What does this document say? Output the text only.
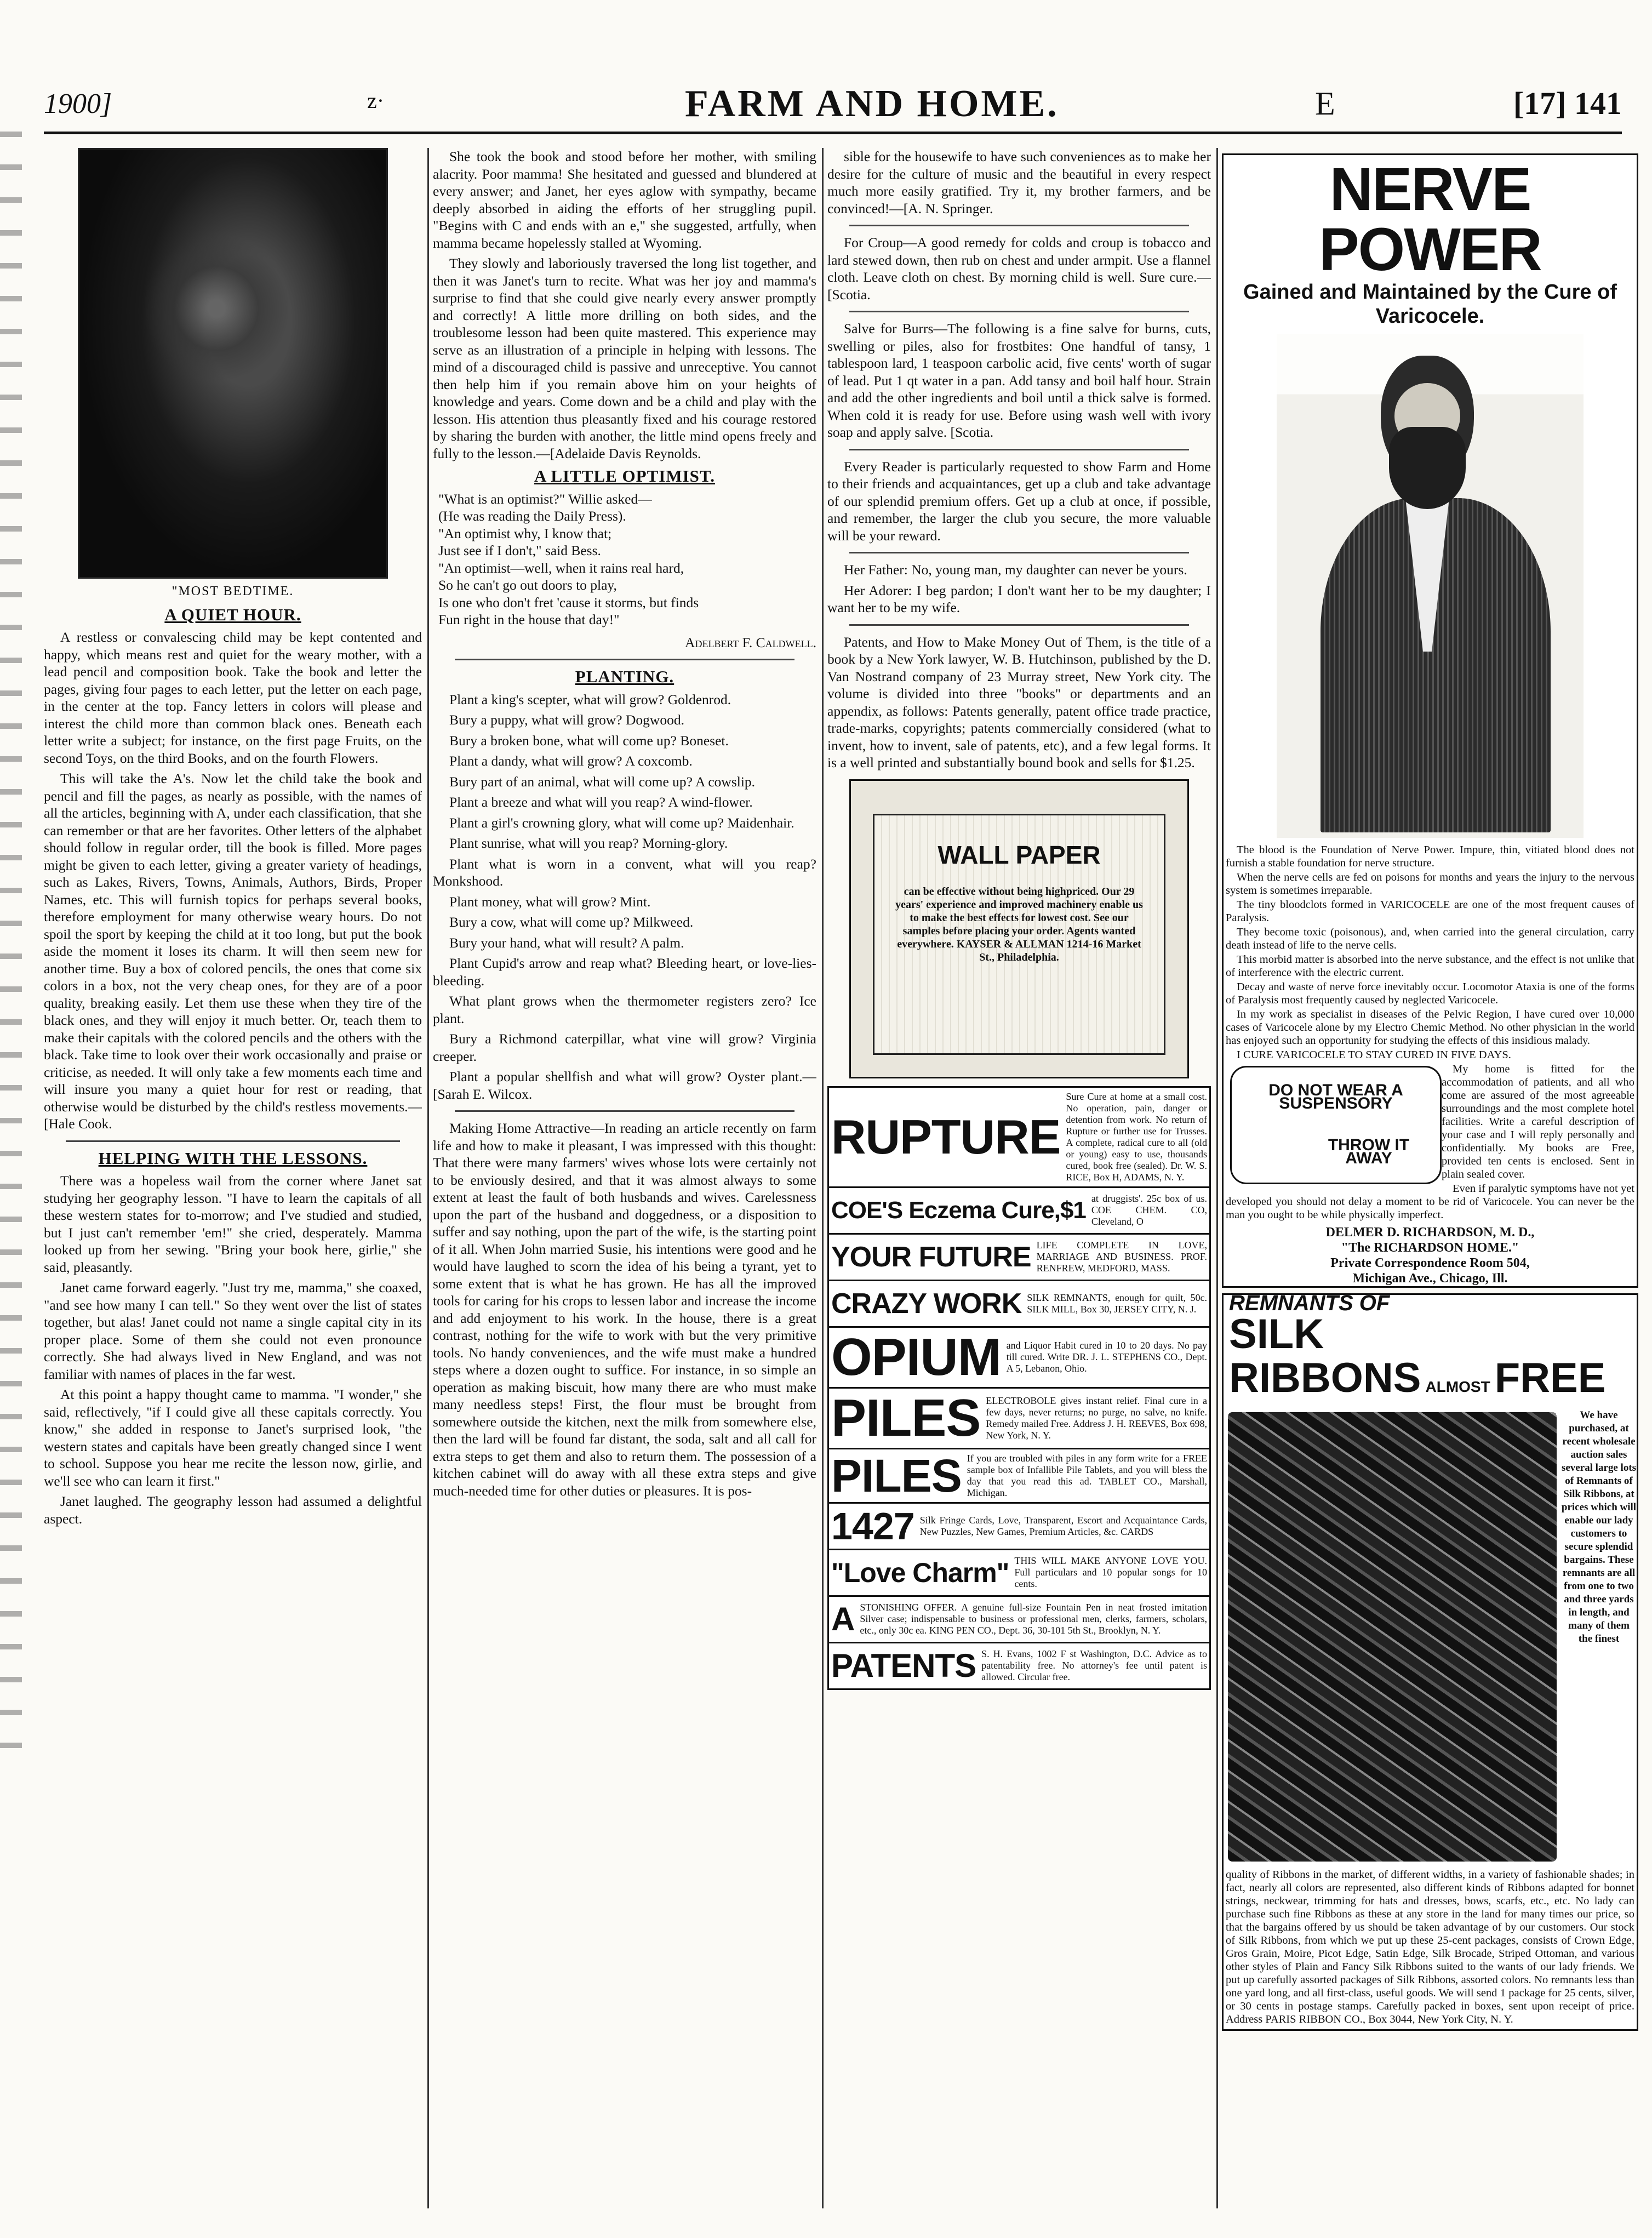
1900]	z·	FARM AND HOME.	E	[17] 141
"MOST BEDTIME.
A QUIET HOUR.

A restless or convalescing child may be kept contented and happy, which means rest and quiet for the weary mother, with a lead pencil and composition book. Take the book and letter the pages, giving four pages to each letter, put the letter on each page, in the center at the top. Fancy letters in colors will please and interest the child more than common black ones. Beneath each letter write a subject; for instance, on the first page Fruits, on the second Toys, on the third Books, and on the fourth Flowers.

This will take the A's. Now let the child take the book and pencil and fill the pages, as nearly as possible, with the names of all the articles, beginning with A, under each classification, that she can remember or that are her favorites. Other letters of the alphabet should follow in regular order, till the book is filled. More pages might be given to each letter, giving a greater variety of headings, such as Lakes, Rivers, Towns, Animals, Authors, Birds, Proper Names, etc. This will furnish topics for perhaps several books, therefore employment for many otherwise weary hours. Do not spoil the sport by keeping the child at it too long, but put the book aside the moment it loses its charm. It will then seem new for another time. Buy a box of colored pencils, the ones that come six colors in a box, not the very cheap ones, for they are of a poor quality, breaking easily. Let them use these when they tire of the black ones, and they will enjoy it much better. Or, teach them to make their capitals with the colored pencils and the others with the black. Take time to look over their work occasionally and praise or criticise, as needed. It will only take a few moments each time and will insure you many a quiet hour for rest or reading, that otherwise would be disturbed by the child's restless movements.—[Hale Cook.

HELPING WITH THE LESSONS.

There was a hopeless wail from the corner where Janet sat studying her geography lesson. "I have to learn the capitals of all these western states for to-morrow; and I've studied and studied, but I just can't remember 'em!" she cried, desperately. Mamma looked up from her sewing. "Bring your book here, girlie," she said, pleasantly.

Janet came forward eagerly. "Just try me, mamma," she coaxed, "and see how many I can tell." So they went over the list of states together, but alas! Janet could not name a single capital city in its proper place. Some of them she could not even pronounce correctly. She had always lived in New England, and was not familiar with names of places in the far west.

At this point a happy thought came to mamma. "I wonder," she said, reflectively, "if I could give all these capitals correctly. You know," she added in response to Janet's surprised look, "the western states and capitals have been greatly changed since I went to school. Suppose you hear me recite the lesson now, girlie, and we'll see who can learn it first."

Janet laughed. The geography lesson had assumed a delightful aspect.

She took the book and stood before her mother, with smiling alacrity. Poor mamma! She hesitated and guessed and blundered at every answer; and Janet, her eyes aglow with sympathy, became deeply absorbed in aiding the efforts of her struggling pupil. "Begins with C and ends with an e," she suggested, artfully, when mamma became hopelessly stalled at Wyoming.

They slowly and laboriously traversed the long list together, and then it was Janet's turn to recite. What was her joy and mamma's surprise to find that she could give nearly every answer promptly and correctly! A little more drilling on both sides, and the troublesome lesson had been quite mastered. This experience may serve as an illustration of a principle in helping with lessons. The mind of a discouraged child is passive and unreceptive. You cannot then help him if you remain above him on your heights of knowledge and years. Come down and be a child and play with the lesson. His attention thus pleasantly fixed and his courage restored by sharing the burden with another, the little mind opens freely and fully to the lesson.—[Adelaide Davis Reynolds.

A LITTLE OPTIMIST.
"What is an optimist?" Willie asked—
(He was reading the Daily Press).
"An optimist why, I know that;
Just see if I don't," said Bess.
"An optimist—well, when it rains real hard,
So he can't go out doors to play,
Is one who don't fret 'cause it storms, but finds
Fun right in the house that day!"
Adelbert F. Caldwell.
PLANTING.

Plant a king's scepter, what will grow? Goldenrod.

Bury a puppy, what will grow? Dogwood.

Bury a broken bone, what will come up? Boneset.

Plant a dandy, what will grow? A coxcomb.

Bury part of an animal, what will come up? A cowslip.

Plant a breeze and what will you reap? A wind-flower.

Plant a girl's crowning glory, what will come up? Maidenhair.

Plant sunrise, what will you reap? Morning-glory.

Plant what is worn in a convent, what will you reap? Monkshood.

Plant money, what will grow? Mint.

Bury a cow, what will come up? Milkweed.

Bury your hand, what will result? A palm.

Plant Cupid's arrow and reap what? Bleeding heart, or love-lies-bleeding.

What plant grows when the thermometer registers zero? Ice plant.

Bury a Richmond caterpillar, what vine will grow? Virginia creeper.

Plant a popular shellfish and what will grow? Oyster plant.—[Sarah E. Wilcox.

Making Home Attractive—In reading an article recently on farm life and how to make it pleasant, I was impressed with this thought: That there were many farmers' wives whose lots were certainly not to be enviously desired, and that it was almost always to some extent at least the fault of both husbands and wives. Carelessness upon the part of the husband and doggedness, or a disposition to suffer and say nothing, upon the part of the wife, is the starting point of it all. When John married Susie, his intentions were good and he would have laughed to scorn the idea of his being a tyrant, yet to some extent that is what he has grown. He has all the improved tools for caring for his crops to lessen labor and increase the income and add enjoyment to his work. In the house, there is a great contrast, nothing for the wife to work with but the very primitive tools. No handy conveniences, and the wife must make a hundred steps where a dozen ought to suffice. For instance, in so simple an operation as making biscuit, how many there are who must make many needless steps! First, the flour must be brought from somewhere outside the kitchen, next the milk from somewhere else, then the lard will be found far distant, the soda, salt and all call for extra steps to get them and also to return them. The possession of a kitchen cabinet will do away with all these extra steps and give much-needed time for other duties or pleasures. It is pos-

sible for the housewife to have such conveniences as to make her desire for the culture of music and the beautiful in every respect much more easily gratified. Try it, my brother farmers, and be convinced!—[A. N. Springer.

For Croup—A good remedy for colds and croup is tobacco and lard stewed down, then rub on chest and under armpit. Use a flannel cloth. Leave cloth on chest. By morning child is well. Sure cure.—[Scotia.

Salve for Burrs—The following is a fine salve for burns, cuts, swelling or piles, also for frostbites: One handful of tansy, 1 tablespoon lard, 1 teaspoon carbolic acid, five cents' worth of sugar of lead. Put 1 qt water in a pan. Add tansy and boil half hour. Strain and add the other ingredients and boil until a thick salve is formed. When cold it is ready for use. Before using wash well with ivory soap and apply salve. [Scotia.

Every Reader is particularly requested to show Farm and Home to their friends and acquaintances, get up a club and take advantage of our splendid premium offers. Get up a club at once, if possible, and remember, the larger the club you secure, the more valuable will be your reward.

Her Father: No, young man, my daughter can never be yours.

Her Adorer: I beg pardon; I don't want her to be my daughter; I want her to be my wife.

Patents, and How to Make Money Out of Them, is the title of a book by a New York lawyer, W. B. Hutchinson, published by the D. Van Nostrand company of 23 Murray street, New York city. The volume is divided into three "books" or departments and an appendix, as follows: Patents generally, patent office trade practice, trade-marks, copyrights; patents commercially considered (what to invent, how to invent, sale of patents, etc), and a few legal forms. It is a well printed and substantially bound book and sells for $1.25.

WALL PAPER
can be effective without being highpriced. Our 29 years' experience and improved machinery enable us to make the best effects for lowest cost. See our samples before placing your order. Agents wanted everywhere. KAYSER & ALLMAN 1214-16 Market St., Philadelphia.
RUPTURE
Sure Cure at home at a small cost. No operation, pain, danger or detention from work. No return of Rupture or further use for Trusses. A complete, radical cure to all (old or young) easy to use, thousands cured, book free (sealed). Dr. W. S. RICE, Box H, ADAMS, N. Y.
COE'S Eczema Cure,$1 at druggists'. 25c box of us. COE CHEM. CO, Cleveland, O
YOUR FUTURE LIFE COMPLETE IN LOVE, MARRIAGE AND BUSINESS. PROF. RENFREW, MEDFORD, MASS.
CRAZY WORK SILK REMNANTS, enough for quilt, 50c. SILK MILL, Box 30, JERSEY CITY, N. J.
OPIUM and Liquor Habit cured in 10 to 20 days. No pay till cured. Write DR. J. L. STEPHENS CO., Dept. A 5, Lebanon, Ohio.
PILES ELECTROBOLE gives instant relief. Final cure in a few days, never returns; no purge, no salve, no knife. Remedy mailed Free. Address J. H. REEVES, Box 698, New York, N. Y.
PILES If you are troubled with piles in any form write for a FREE sample box of Infallible Pile Tablets, and you will bless the day that you read this ad. TABLET CO., Marshall, Michigan.
1427 Silk Fringe Cards, Love, Transparent, Escort and Acquaintance Cards, New Puzzles, New Games, Premium Articles, &c. CARDS
"Love Charm" THIS WILL MAKE ANYONE LOVE YOU. Full particulars and 10 popular songs for 10 cents.
A STONISHING OFFER. A genuine full-size Fountain Pen in neat frosted imitation Silver case; indispensable to business or professional men, clerks, farmers, scholars, etc., only 30c ea. KING PEN CO., Dept. 36, 30-101 5th St., Brooklyn, N. Y.
PATENTS S. H. Evans, 1002 F st Washington, D.C. Advice as to patentability free. No attorney's fee until patent is allowed. Circular free.
NERVE POWER
Gained and Maintained by the Cure of Varicocele.

The blood is the Foundation of Nerve Power. Impure, thin, vitiated blood does not furnish a stable foundation for nerve structure.

When the nerve cells are fed on poisons for months and years the injury to the nervous system is sometimes irreparable.

The tiny bloodclots formed in VARICOCELE are one of the most frequent causes of Paralysis.

They become toxic (poisonous), and, when carried into the general circulation, carry death instead of life to the nerve cells.

This morbid matter is absorbed into the nerve substance, and the effect is not unlike that of interference with the electric current.

Decay and waste of nerve force inevitably occur. Locomotor Ataxia is one of the forms of Paralysis most frequently caused by neglected Varicocele.

In my work as specialist in diseases of the Pelvic Region, I have cured over 10,000 cases of Varicocele alone by my Electro Chemic Method. No other physician in the world has enjoyed such an opportunity for studying the effects of this insidious malady.

I CURE VARICOCELE TO STAY CURED IN FIVE DAYS.

DO NOT WEAR A SUSPENSORY
THROW IT AWAY

My home is fitted for the accommodation of patients, and all who come are assured of the most agreeable surroundings and the most complete hotel facilities. Write a careful description of your case and I will reply personally and confidentially. My books are Free, provided ten cents is enclosed. Sent in plain sealed cover.

Even if paralytic symptoms have not yet developed you should not delay a moment to be rid of Varicocele. You can never be the man you ought to be while physically imperfect.

DELMER D. RICHARDSON, M. D.,
"The RICHARDSON HOME."
Private Correspondence Room 504,
Michigan Ave., Chicago, Ill.
REMNANTS OF
SILK RIBBONS ALMOST FREE
We have purchased, at recent wholesale auction sales several large lots of Remnants of Silk Ribbons, at prices which will enable our lady customers to secure splendid bargains. These remnants are all from one to two and three yards in length, and many of them the finest
quality of Ribbons in the market, of different widths, in a variety of fashionable shades; in fact, nearly all colors are represented, also different kinds of Ribbons adapted for bonnet strings, neckwear, trimming for hats and dresses, bows, scarfs, etc., etc. No lady can purchase such fine Ribbons as these at any store in the land for many times our price, so that the bargains offered by us should be taken advantage of by our customers. Our stock of Silk Ribbons, from which we put up these 25-cent packages, consists of Crown Edge, Gros Grain, Moire, Picot Edge, Satin Edge, Silk Brocade, Striped Ottoman, and various other styles of Plain and Fancy Silk Ribbons suited to the wants of our lady friends. We put up carefully assorted packages of Silk Ribbons, assorted colors. No remnants less than one yard long, and all first-class, useful goods. We will send 1 package for 25 cents, silver, or 30 cents in postage stamps. Carefully packed in boxes, sent upon receipt of price. Address PARIS RIBBON CO., Box 3044, New York City, N. Y.
